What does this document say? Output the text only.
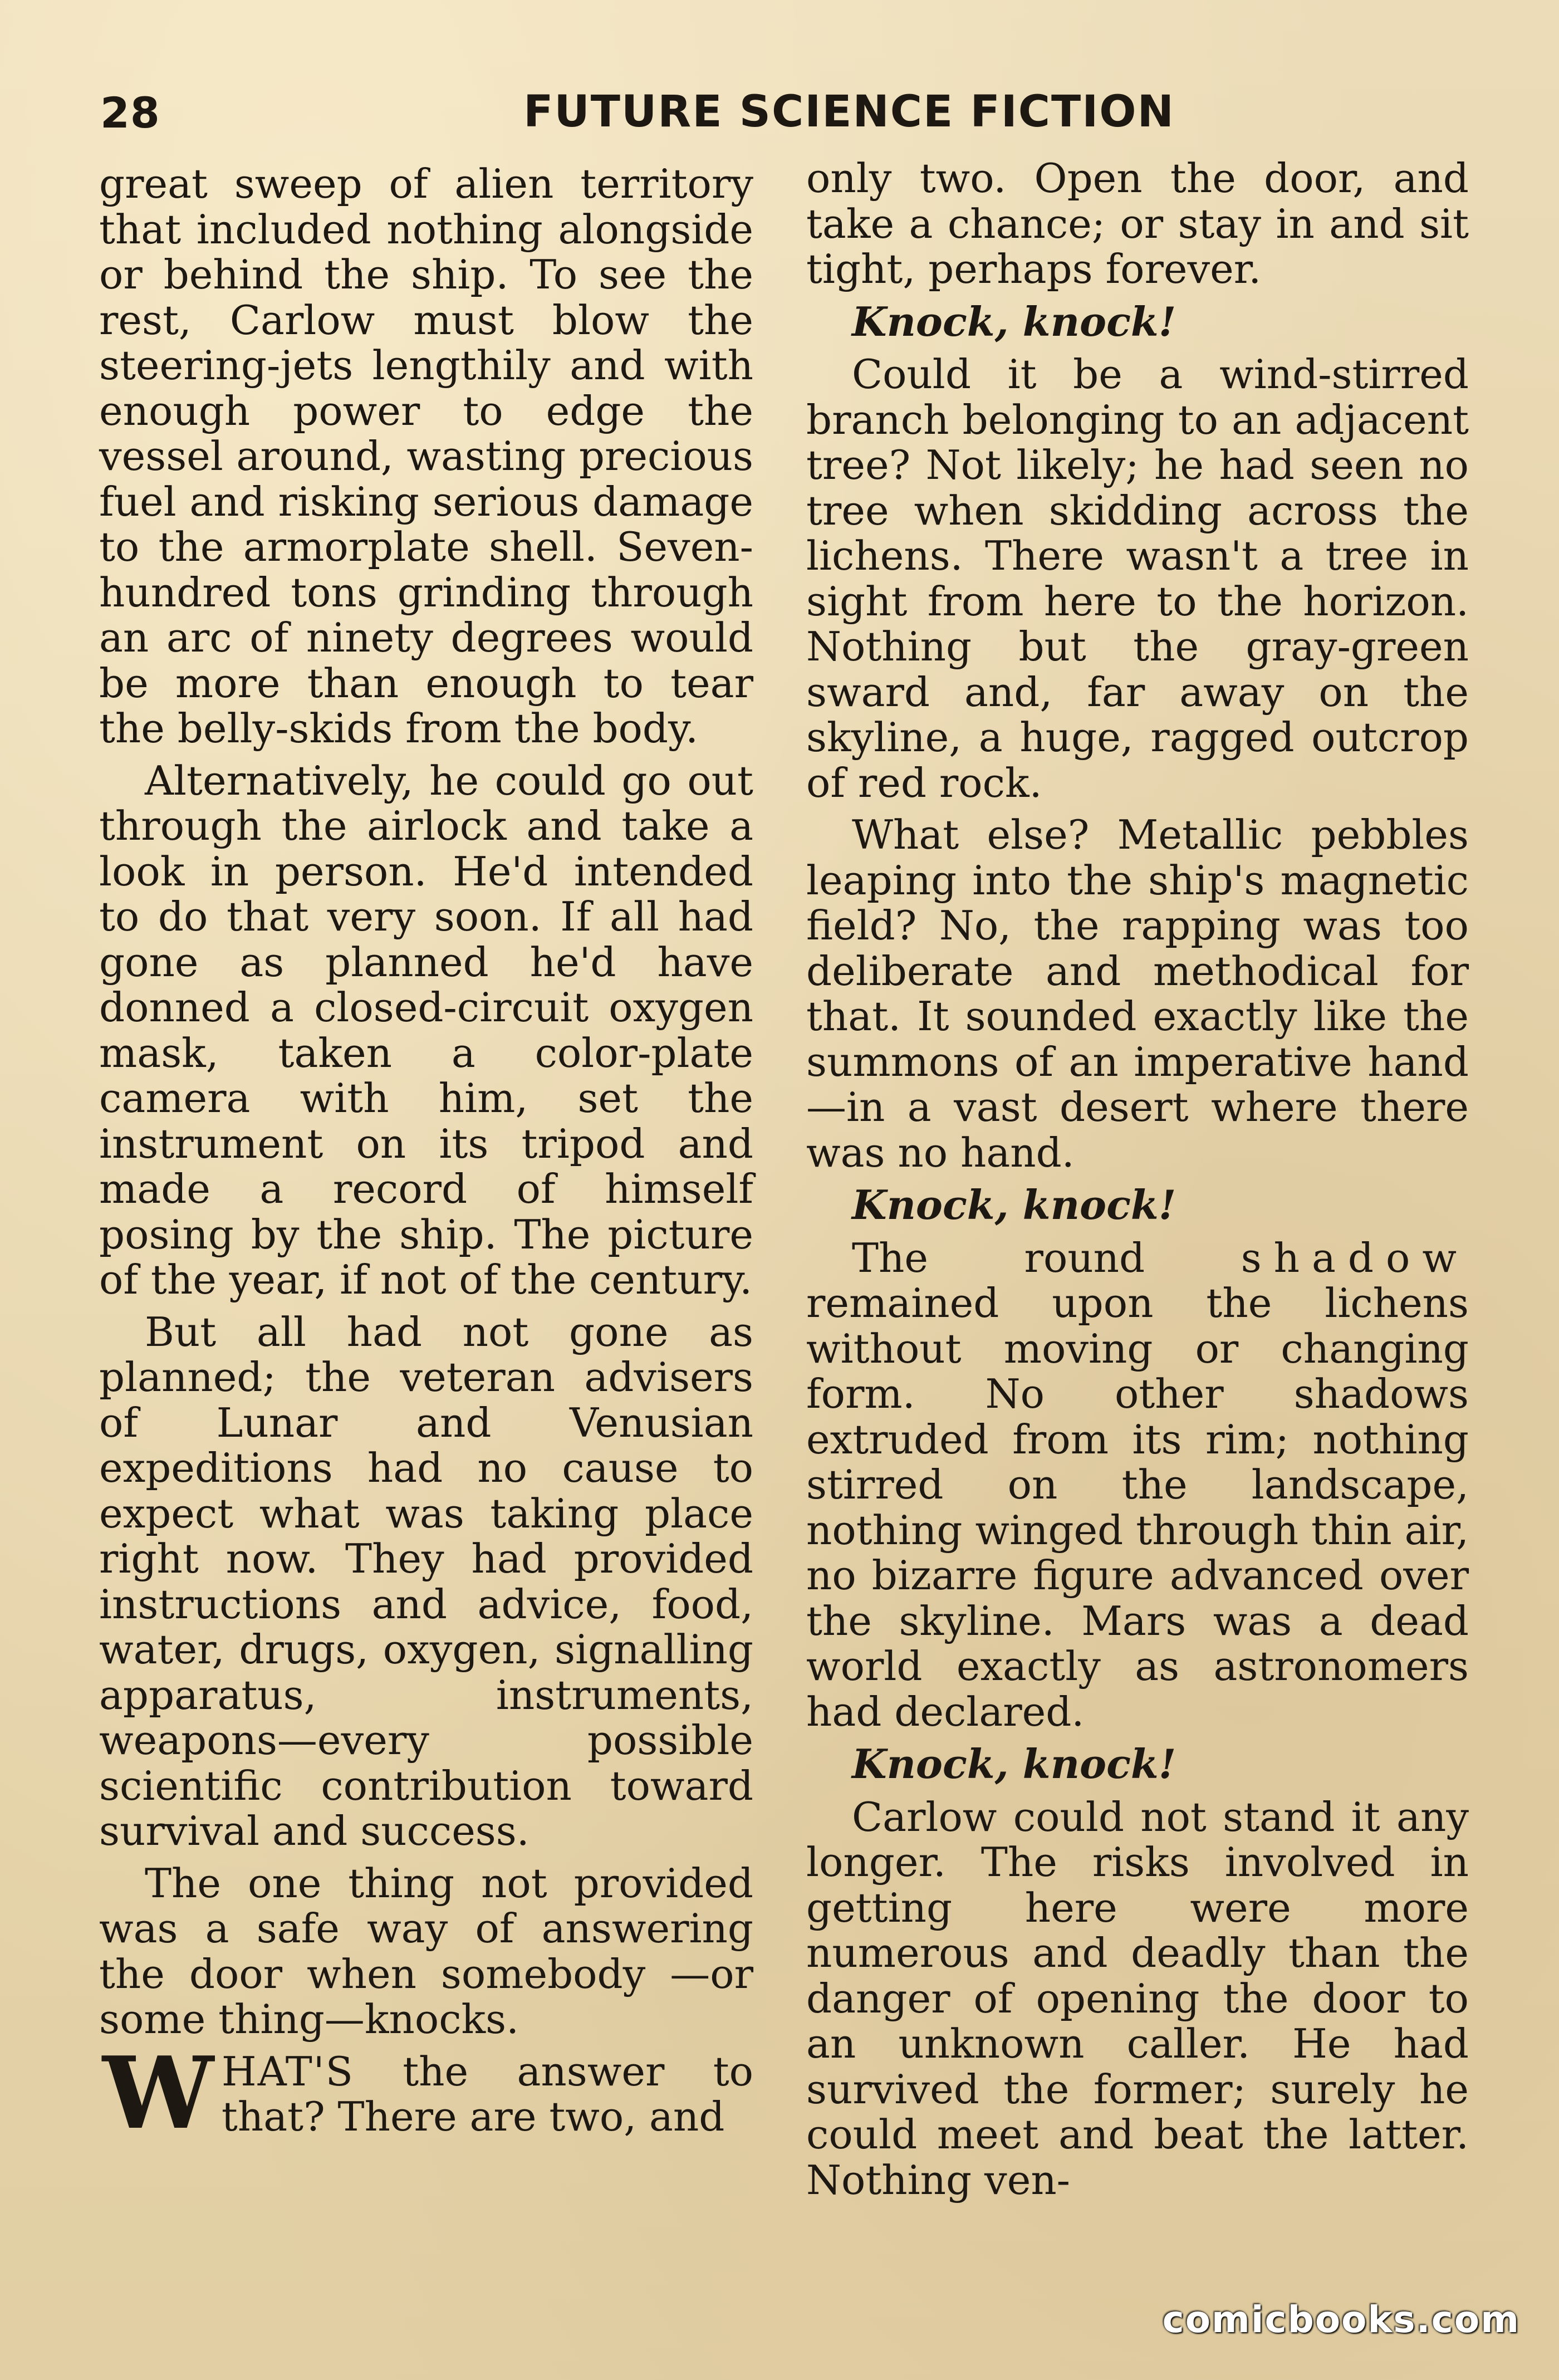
28	FUTURE SCIENCE FICTION

great sweep of alien territory that included nothing alongside or behind the ship. To see the rest, Carlow must blow the steering-jets lengthily and with enough power to edge the vessel around, wasting precious fuel and risking serious damage to the armorplate shell. Seven-hundred tons grinding through an arc of ninety degrees would be more than enough to tear the belly-skids from the body.

Alternatively, he could go out through the airlock and take a look in person. He'd intended to do that very soon. If all had gone as planned he'd have donned a closed-circuit oxygen mask, taken a color-plate camera with him, set the instrument on its tripod and made a record of himself posing by the ship. The picture of the year, if not of the century.

But all had not gone as planned; the veteran advisers of Lunar and Venusian expeditions had no cause to expect what was taking place right now. They had provided instructions and advice, food, water, drugs, oxygen, signalling apparatus, instruments, weapons—every possible scientific contribution toward survival and success.

The one thing not provided was a safe way of answering the door when somebody —or some thing—knocks.

WHAT'S the answer to that? There are two, and

only two. Open the door, and take a chance; or stay in and sit tight, perhaps forever.

Knock, knock!

Could it be a wind-stirred branch belonging to an adjacent tree? Not likely; he had seen no tree when skidding across the lichens. There wasn't a tree in sight from here to the horizon. Nothing but the gray-green sward and, far away on the skyline, a huge, ragged outcrop of red rock.

What else? Metallic pebbles leaping into the ship's magnetic field? No, the rapping was too deliberate and methodical for that. It sounded exactly like the summons of an imperative hand—in a vast desert where there was no hand.

Knock, knock!

The round shadow remained upon the lichens without moving or changing form. No other shadows extruded from its rim; nothing stirred on the landscape, nothing winged through thin air, no bizarre figure advanced over the skyline. Mars was a dead world exactly as astronomers had declared.

Knock, knock!

Carlow could not stand it any longer. The risks involved in getting here were more numerous and deadly than the danger of opening the door to an unknown caller. He had survived the former; surely he could meet and beat the latter. Nothing ven-

comicbooks.com
